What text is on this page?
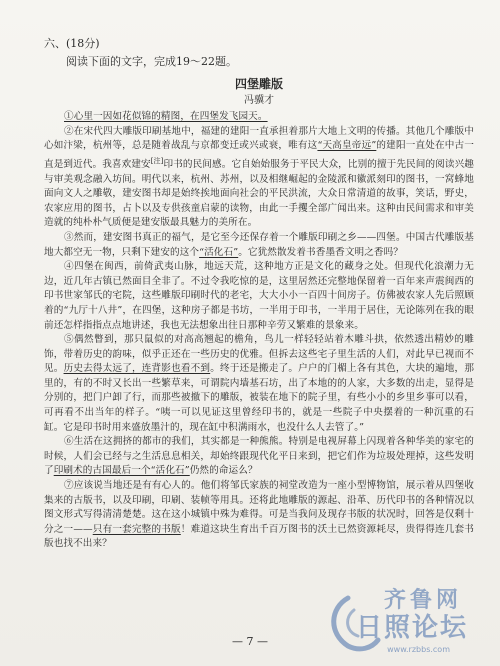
六、(18分)
阅读下面的文字，完成19～22题。
四堡雕版
冯骥才

①心里一因如花似锦的精图，在四堡发飞园天。

②在宋代四大雕版印刷基地中，福建的建阳一直承担着那片大地上文明的传播。其他几个雕版中心如汴梁，杭州等，总是随着战乱与京都变迁或兴或衰，唯有这“天高皇帝远”的建阳一直处在中古一直是到近代。我喜欢建安[注]印书的民间感。它自始始服务于平民大众，比别的擅于先民间的阅读兴趣与审美观念融入坊间。明代以来，杭州、苏州，以及相继崛起的金陵派和徽派刻印的图书，一窝蜂地面向文人之雕敬，建安图书却是始终挨地面向社会的平民洪流，大众日常清道的故事，笑话，野史，农家应用的图书，占卜以及专供孩童启蒙的读物，由此一手攫全部广闻出来。这种由民间需求和审美造就的纯朴朴气质便是建安版最具魅力的美所在。

③然而，建安图书真正的福气，是它至今还保存着一个雕版印刷之乡——四堡。中国古代雕版基地大都空无一物，只剩下建安的这个“活化石”。它犹然散发着书香墨香文明之香吗？

④四堡在闽西，前倚武夷山脉，地远天荒，这种地方正是文化的藏身之处。但现代化浪潮力无边，近几年古镇已然面目全非了。不过令我吃惊的是，这里居然还完整地保留着一百年来声震闽西的印书世家邹氏的宅院，这些雕版印刷时代的老宅，大大小小一百四十间房子。仿佛被农家人先后照顾着的“九厅十八井”，在四堡，这种房子都是书坊，一半用于印书，一半用于居住，无论陈列在我的眼前还怎样指指点点地讲述，我也无法想象出往日那种辛劳又繁难的景象来。

⑤偶然瞥到，那只鼠似的对高高翘起的檐角，鸟儿一样轻轻站着木雕斗拱，依然透出精妙的雕饰，带着历史的韵味，似乎正还在一些历史的优雅。但拆去这些宅子里生活的人们，对此早已视而不见。历史去得太远了，连背影也看不到。终于还是搬走了。户户的门楣上各有其色，大块的遍地，那里的，有的不时又长出一些繁草来，可谓院内墙基石坊，出了本地的的人家，大多数的出走，显得是分别的，把门户卸了行，而那些被撤下的雕版，被装在地下的院子里，有些小小的乡里乡事可以看，可再看不出当年的样子。“咦一可以见证这里曾经印书的，就是一些院子中央摆着的一种沉重的石缸。它是印书时用来盛放墨汁的，现在缸中积满雨水，也没什么人去管了。”

⑥生活在这拥挤的都市的我们，其实都是一种熊熊。特别是电视屏幕上闪现着各种华美的家宅的时候，人们会已经与之生活息息相关，却始终跟现代化平日来到，把它们作为垃圾处理掉，这些发明了印刷术的古国最后一个“活化石”仍然的命运么？

⑦应该说当地还是有有心人的。他们将邹氏家族的祠堂改造为一座小型博物馆，展示着从四堡收集来的古版书，以及印刷，印刷、装帧等用具。还将此地雕版的源起、沿革、历代印书的各种情况以图文形式写得清清楚楚。这在这小城镇中殊为难得。可是当我问及现存书版的状况时，回答是仅剩十分之一——只有一套完整的书版！难道这块生育出千百万图书的沃土已然资源耗尽，贵得得连几套书版也找不出来？

— 7 —
齐鲁网
日照论坛
www.rzbbs.com
